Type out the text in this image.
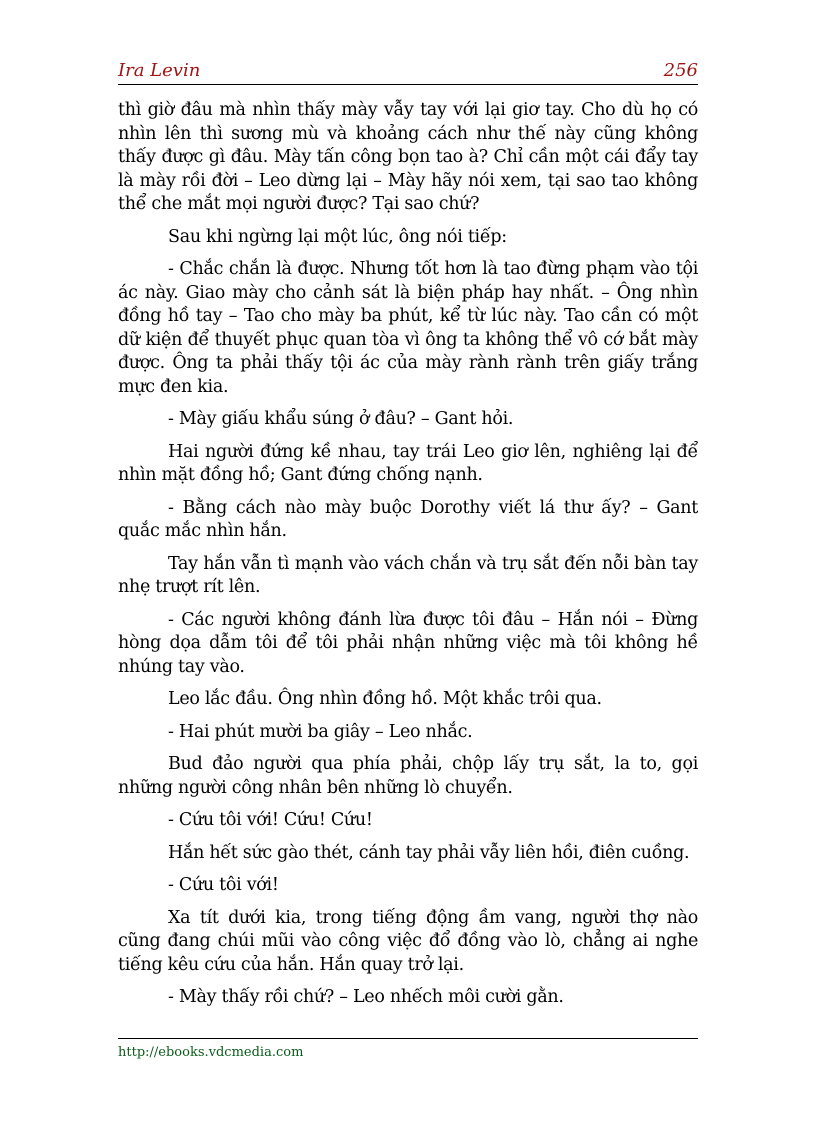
Ira Levin	256

thì giờ đâu mà nhìn thấy mày vẫy tay với lại giơ tay. Cho dù họ có nhìn lên thì sương mù và khoảng cách như thế này cũng không thấy được gì đâu. Mày tấn công bọn tao à? Chỉ cần một cái đẩy tay là mày rồi đời – Leo dừng lại – Mày hãy nói xem, tại sao tao không thể che mắt mọi người được? Tại sao chứ?

Sau khi ngừng lại một lúc, ông nói tiếp:

- Chắc chắn là được. Nhưng tốt hơn là tao đừng phạm vào tội ác này. Giao mày cho cảnh sát là biện pháp hay nhất. – Ông nhìn đồng hồ tay – Tao cho mày ba phút, kể từ lúc này. Tao cần có một dữ kiện để thuyết phục quan tòa vì ông ta không thể vô cớ bắt mày được. Ông ta phải thấy tội ác của mày rành rành trên giấy trắng mực đen kia.

- Mày giấu khẩu súng ở đâu? – Gant hỏi.

Hai người đứng kề nhau, tay trái Leo giơ lên, nghiêng lại để nhìn mặt đồng hồ; Gant đứng chống nạnh.

- Bằng cách nào mày buộc Dorothy viết lá thư ấy? – Gant quắc mắc nhìn hắn.

Tay hắn vẫn tì mạnh vào vách chắn và trụ sắt đến nỗi bàn tay nhẹ trượt rít lên.

- Các người không đánh lừa được tôi đâu – Hắn nói – Đừng hòng dọa dẫm tôi để tôi phải nhận những việc mà tôi không hề nhúng tay vào.

Leo lắc đầu. Ông nhìn đồng hồ. Một khắc trôi qua.

- Hai phút mười ba giây – Leo nhắc.

Bud đảo người qua phía phải, chộp lấy trụ sắt, la to, gọi những người công nhân bên những lò chuyển.

- Cứu tôi với! Cứu! Cứu!

Hắn hết sức gào thét, cánh tay phải vẫy liên hồi, điên cuồng.

- Cứu tôi với!

Xa tít dưới kia, trong tiếng động ầm vang, người thợ nào cũng đang chúi mũi vào công việc đổ đồng vào lò, chẳng ai nghe tiếng kêu cứu của hắn. Hắn quay trở lại.

- Mày thấy rồi chứ? – Leo nhếch môi cười gằn.

http://ebooks.vdcmedia.com
